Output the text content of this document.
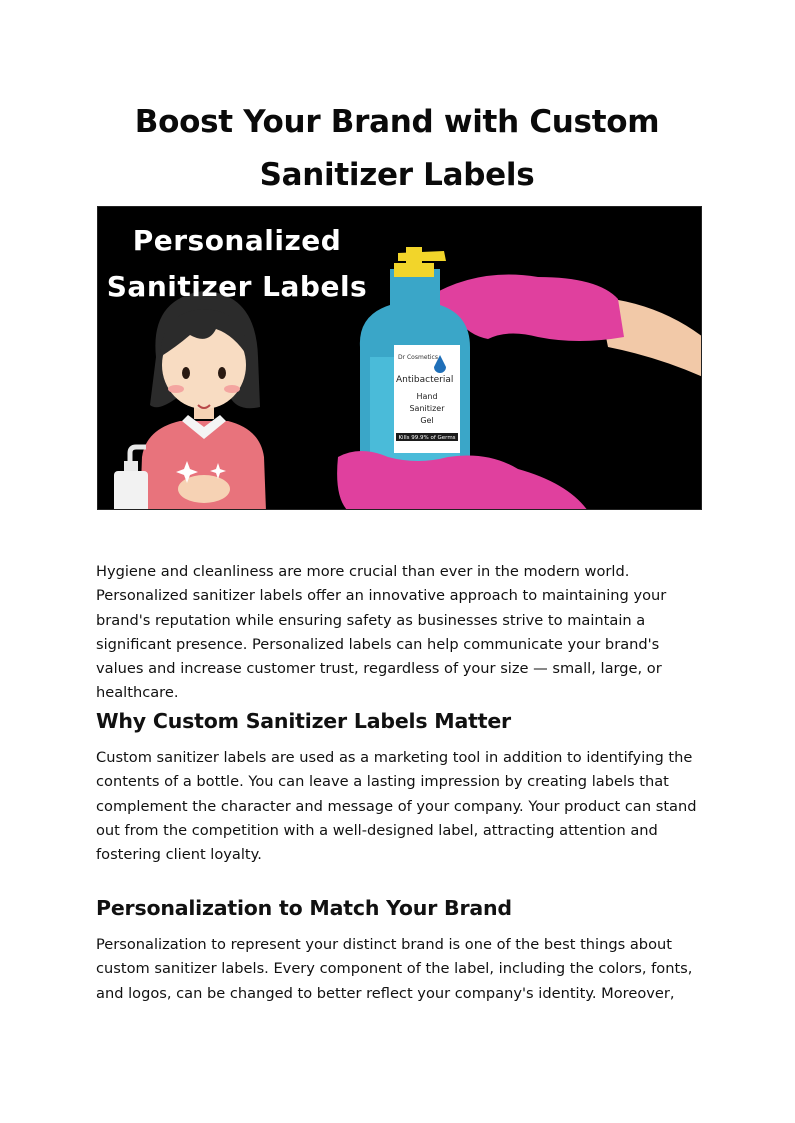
Boost Your Brand with Custom Sanitizer Labels
Dr Cosmetics
Antibacterial
Hand
Sanitizer
Gel
Kills 99.9% of Germs

Personalized

Sanitizer Labels

Hygiene and cleanliness are more crucial than ever in the modern world. Personalized sanitizer labels offer an innovative approach to maintaining your brand's reputation while ensuring safety as businesses strive to maintain a significant presence. Personalized labels can help communicate your brand's values and increase customer trust, regardless of your size — small, large, or healthcare.

Why Custom Sanitizer Labels Matter

Custom sanitizer labels are used as a marketing tool in addition to identifying the contents of a bottle. You can leave a lasting impression by creating labels that complement the character and message of your company. Your product can stand out from the competition with a well-designed label, attracting attention and fostering client loyalty.

Personalization to Match Your Brand

Personalization to represent your distinct brand is one of the best things about custom sanitizer labels. Every component of the label, including the colors, fonts, and logos, can be changed to better reflect your company's identity. Moreover,
